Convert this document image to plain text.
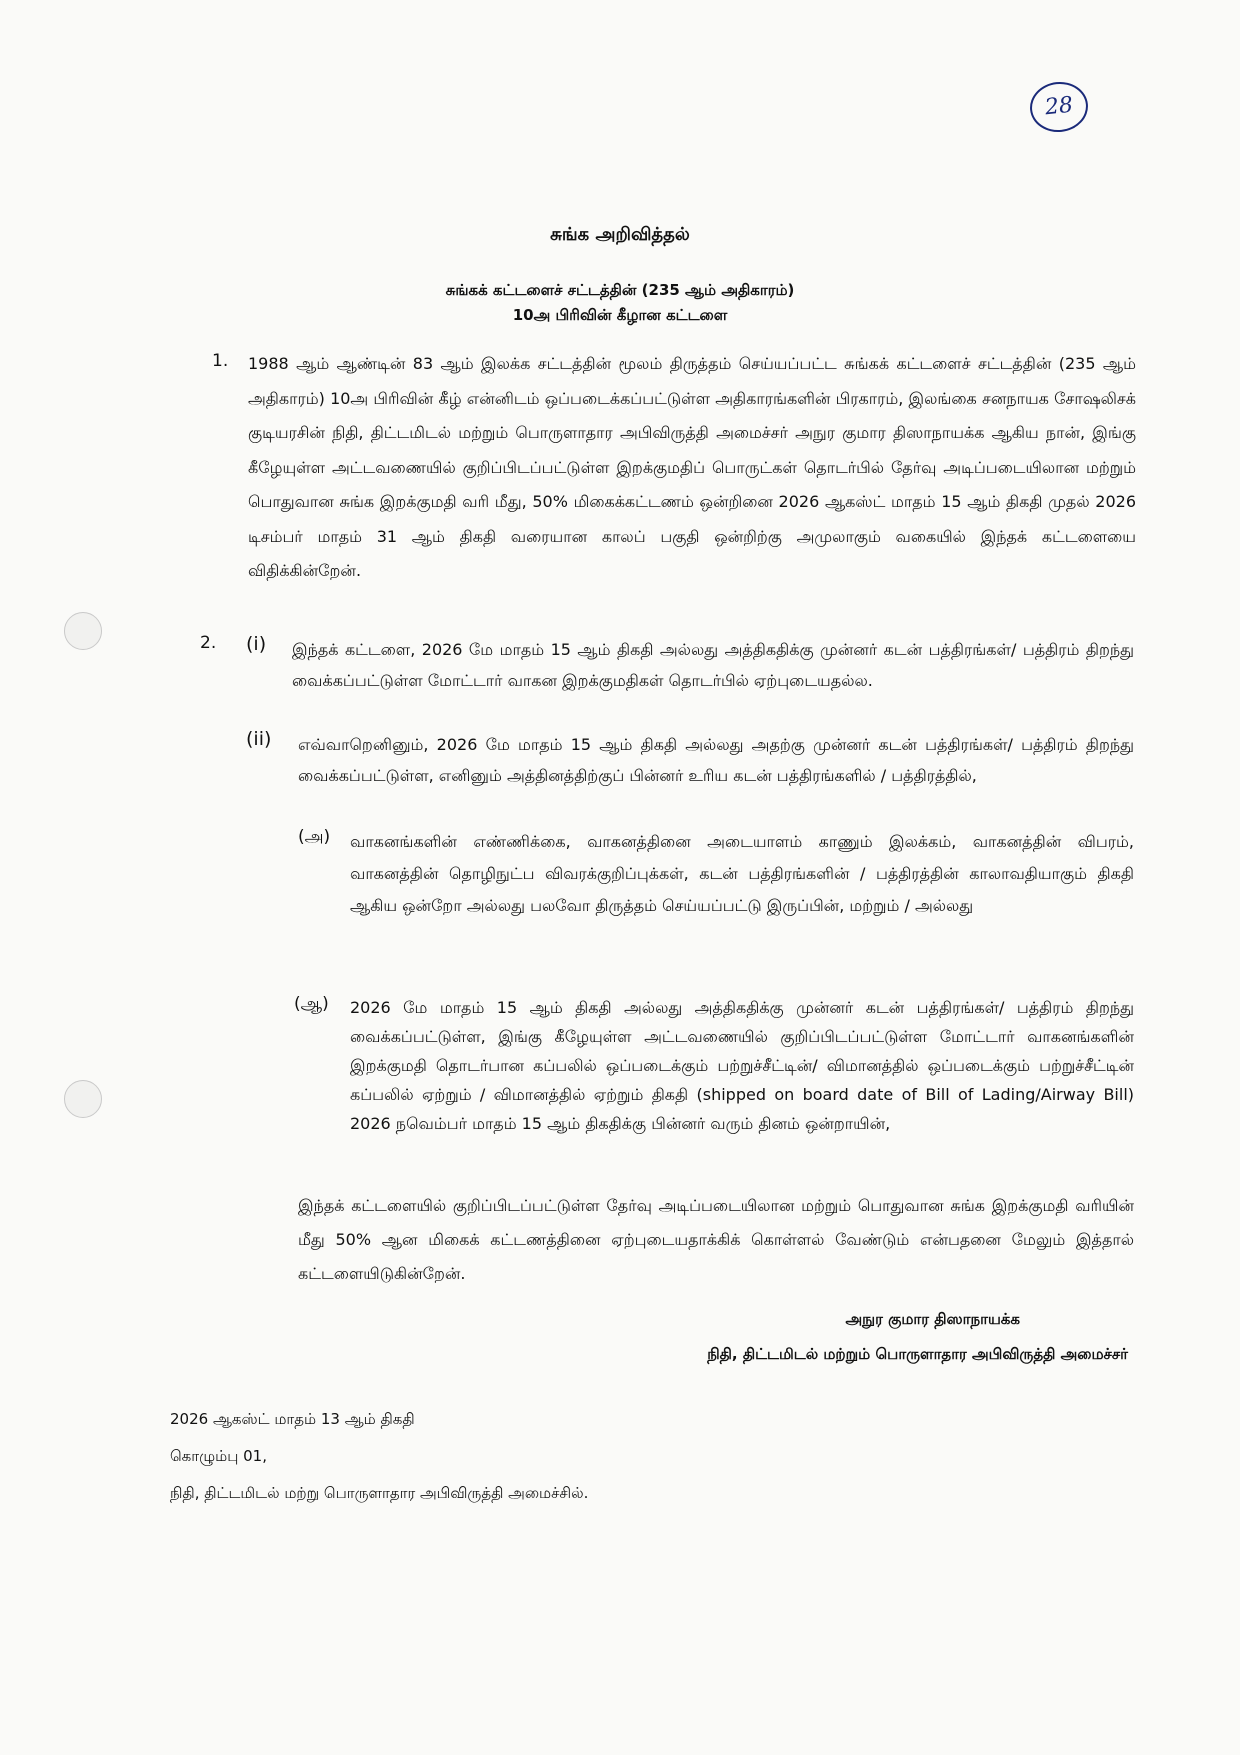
28
சுங்க அறிவித்தல்
சுங்கக் கட்டளைச் சட்டத்தின் (235 ஆம் அதிகாரம்)
10அ பிரிவின் கீழான கட்டளை
1. 1988 ஆம் ஆண்டின் 83 ஆம் இலக்க சட்டத்தின் மூலம் திருத்தம் செய்யப்பட்ட சுங்கக் கட்டளைச் சட்டத்தின் (235 ஆம் அதிகாரம்) 10அ பிரிவின் கீழ் என்னிடம் ஒப்படைக்கப்பட்டுள்ள அதிகாரங்களின் பிரகாரம், இலங்கை சனநாயக சோஷலிசக் குடியரசின் நிதி, திட்டமிடல் மற்றும் பொருளாதார அபிவிருத்தி அமைச்சர் அநுர குமார திஸாநாயக்க ஆகிய நான், இங்கு கீழேயுள்ள அட்டவணையில் குறிப்பிடப்பட்டுள்ள இறக்குமதிப் பொருட்கள் தொடர்பில் தேர்வு அடிப்படையிலான மற்றும் பொதுவான சுங்க இறக்குமதி வரி மீது, 50% மிகைக்கட்டணம் ஒன்றினை 2026 ஆகஸ்ட் மாதம் 15 ஆம் திகதி முதல் 2026 டிசம்பர் மாதம் 31 ஆம் திகதி வரையான காலப் பகுதி ஒன்றிற்கு அமுலாகும் வகையில் இந்தக் கட்டளையை விதிக்கின்றேன்.
2. (i) இந்தக் கட்டளை, 2026 மே மாதம் 15 ஆம் திகதி அல்லது அத்திகதிக்கு முன்னர் கடன் பத்திரங்கள்/ பத்திரம் திறந்து வைக்கப்பட்டுள்ள மோட்டார் வாகன இறக்குமதிகள் தொடர்பில் ஏற்புடையதல்ல.
(ii) எவ்வாறெனினும், 2026 மே மாதம் 15 ஆம் திகதி அல்லது அதற்கு முன்னர் கடன் பத்திரங்கள்/ பத்திரம் திறந்து வைக்கப்பட்டுள்ள, எனினும் அத்தினத்திற்குப் பின்னர் உரிய கடன் பத்திரங்களில் / பத்திரத்தில்,
(அ) வாகனங்களின் எண்ணிக்கை, வாகனத்தினை அடையாளம் காணும் இலக்கம், வாகனத்தின் விபரம், வாகனத்தின் தொழிநுட்ப விவரக்குறிப்புக்கள், கடன் பத்திரங்களின் / பத்திரத்தின் காலாவதியாகும் திகதி ஆகிய ஒன்றோ அல்லது பலவோ திருத்தம் செய்யப்பட்டு இருப்பின், மற்றும் / அல்லது
(ஆ) 2026 மே மாதம் 15 ஆம் திகதி அல்லது அத்திகதிக்கு முன்னர் கடன் பத்திரங்கள்/ பத்திரம் திறந்து வைக்கப்பட்டுள்ள, இங்கு கீழேயுள்ள அட்டவணையில் குறிப்பிடப்பட்டுள்ள மோட்டார் வாகனங்களின் இறக்குமதி தொடர்பான கப்பலில் ஒப்படைக்கும் பற்றுச்சீட்டின்/ விமானத்தில் ஒப்படைக்கும் பற்றுச்சீட்டின் கப்பலில் ஏற்றும் / விமானத்தில் ஏற்றும் திகதி (shipped on board date of Bill of Lading/Airway Bill) 2026 நவெம்பர் மாதம் 15 ஆம் திகதிக்கு பின்னர் வரும் தினம் ஒன்றாயின்,
இந்தக் கட்டளையில் குறிப்பிடப்பட்டுள்ள தேர்வு அடிப்படையிலான மற்றும் பொதுவான சுங்க இறக்குமதி வரியின் மீது 50% ஆன மிகைக் கட்டணத்தினை ஏற்புடையதாக்கிக் கொள்ளல் வேண்டும் என்பதனை மேலும் இத்தால் கட்டளையிடுகின்றேன்.
அநுர குமார திஸாநாயக்க
நிதி, திட்டமிடல் மற்றும் பொருளாதார அபிவிருத்தி அமைச்சர்
2026 ஆகஸ்ட் மாதம் 13 ஆம் திகதி
கொழும்பு 01,
நிதி, திட்டமிடல் மற்று பொருளாதார அபிவிருத்தி அமைச்சில்.
